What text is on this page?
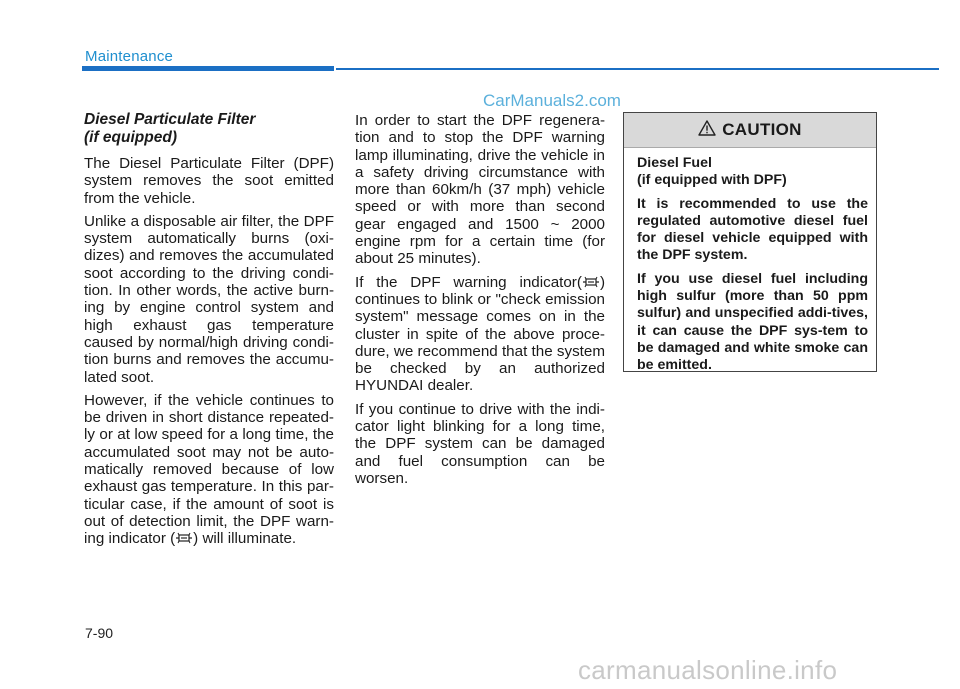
Maintenance
CarManuals2.com
Diesel Particulate Filter
(if equipped)

The Diesel Particulate Filter (DPF) system removes the soot emitted from the vehicle.

Unlike a disposable air filter, the DPF system automatically burns (oxi-dizes) and removes the accumulated soot according to the driving condi-tion. In other words, the active burn-ing by engine control system and high exhaust gas temperature caused by normal/high driving condi-tion burns and removes the accumu-lated soot.

However, if the vehicle continues to be driven in short distance repeated-ly or at low speed for a long time, the accumulated soot may not be auto-matically removed because of low exhaust gas temperature. In this par-ticular case, if the amount of soot is out of detection limit, the DPF warn-ing indicator ( ) will illuminate.

In order to start the DPF regenera-tion and to stop the DPF warning lamp illuminating, drive the vehicle in a safety driving circumstance with more than 60km/h (37 mph) vehicle speed or with more than second gear engaged and 1500 ~ 2000 engine rpm for a certain time (for about 25 minutes).

If the DPF warning indicator( ) continues to blink or "check emission system" message comes on in the cluster in spite of the above proce-dure, we recommend that the system be checked by an authorized HYUNDAI dealer.

If you continue to drive with the indi-cator light blinking for a long time, the DPF system can be damaged and fuel consumption can be worsen.

CAUTION

Diesel Fuel
(if equipped with DPF)

It is recommended to use the regulated automotive diesel fuel for diesel vehicle equipped with the DPF system.

If you use diesel fuel including high sulfur (more than 50 ppm sulfur) and unspecified addi-tives, it can cause the DPF sys-tem to be damaged and white smoke can be emitted.

7-90
carmanualsonline.info
